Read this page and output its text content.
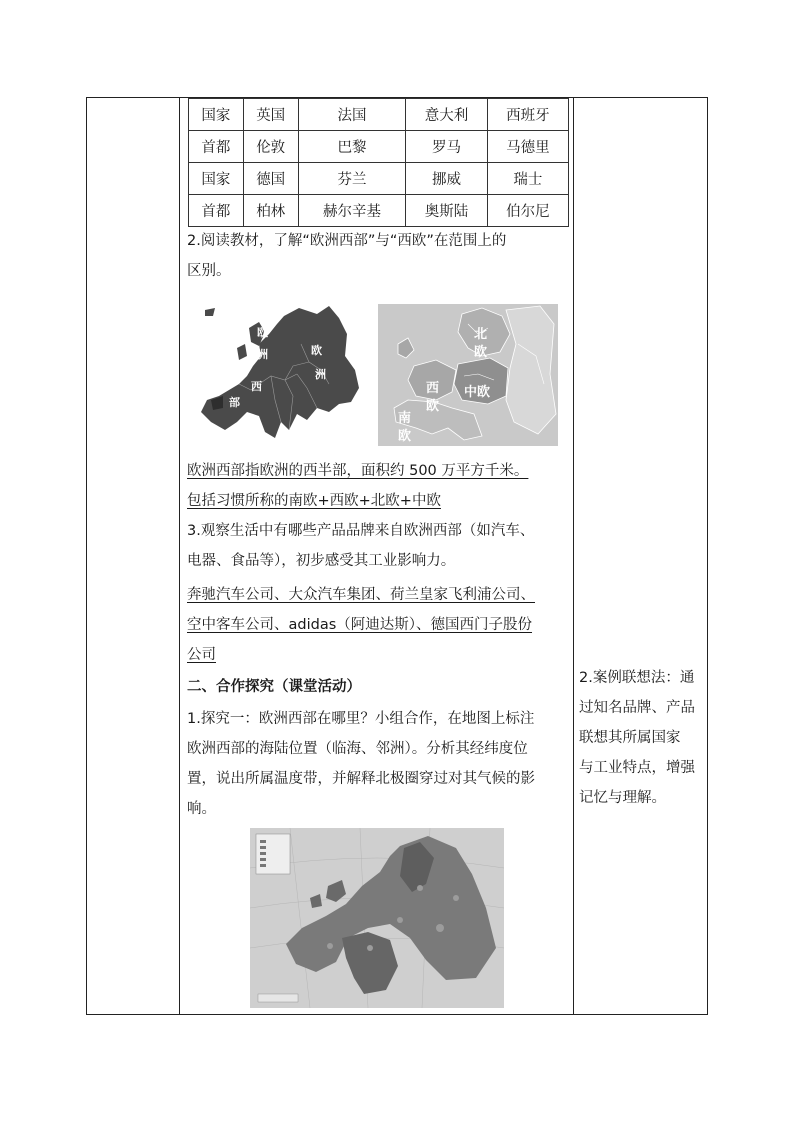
国家	英国	法国	意大利	西班牙
首都	伦敦	巴黎	罗马	马德里
国家	德国	芬兰	挪威	瑞士
首都	柏林	赫尔辛基	奥斯陆	伯尔尼
2.阅读教材，了解“欧洲西部”与“西欧”在范围上的
区别。
欧
洲
西
部
欧
洲
北
欧
西
欧
中欧
南
欧
欧洲西部指欧洲的西半部，面积约 500 万平方千米。
包括习惯所称的南欧+西欧+北欧+中欧
3.观察生活中有哪些产品品牌来自欧洲西部（如汽车、
电器、食品等），初步感受其工业影响力。
奔驰汽车公司、大众汽车集团、荷兰皇家飞利浦公司、
空中客车公司、adidas（阿迪达斯）、德国西门子股份
公司
二、合作探究（课堂活动）
1.探究一：欧洲西部在哪里？小组合作，在地图上标注
欧洲西部的海陆位置（临海、邻洲）。分析其经纬度位
置，说出所属温度带，并解释北极圈穿过对其气候的影
响。
2.案例联想法：通
过知名品牌、产品
联想其所属国家
与工业特点，增强
记忆与理解。
